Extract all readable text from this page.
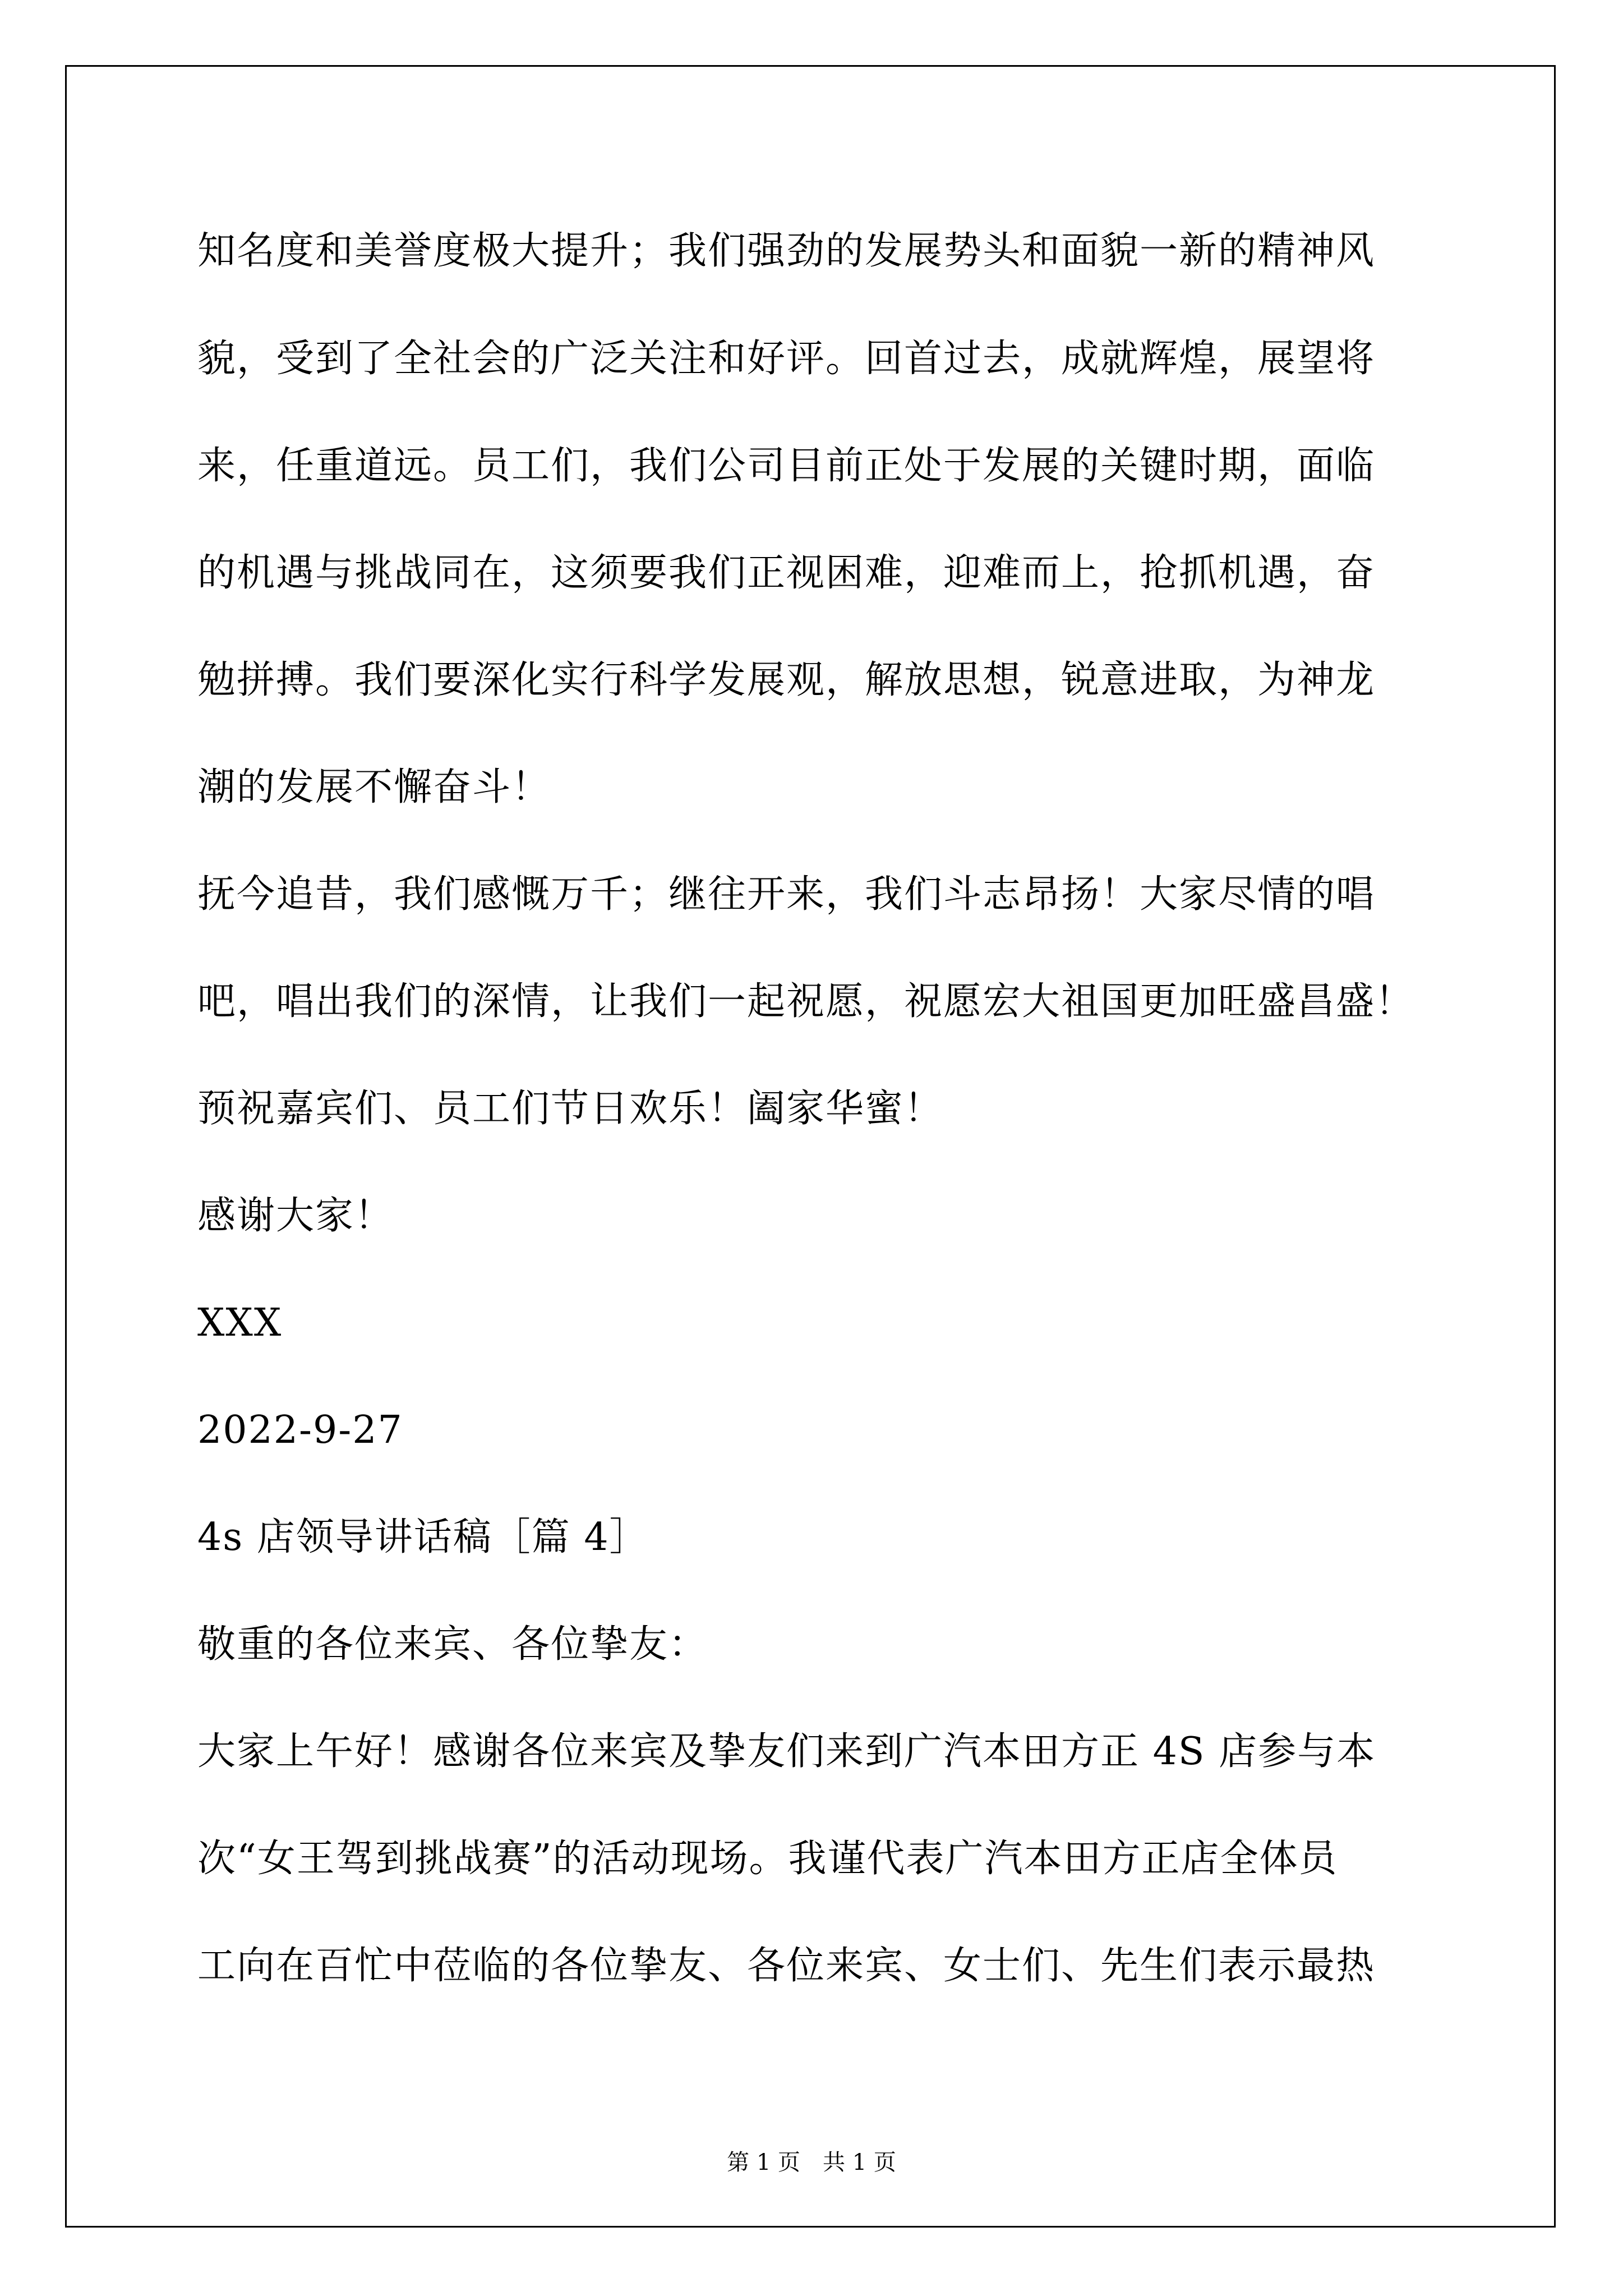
知名度和美誉度极大提升；我们强劲的发展势头和面貌一新的精神风
貌，受到了全社会的广泛关注和好评。回首过去，成就辉煌，展望将
来，任重道远。员工们，我们公司目前正处于发展的关键时期，面临
的机遇与挑战同在，这须要我们正视困难，迎难而上，抢抓机遇，奋
勉拼搏。我们要深化实行科学发展观，解放思想，锐意进取，为神龙
潮的发展不懈奋斗！
抚今追昔，我们感慨万千；继往开来，我们斗志昂扬！大家尽情的唱
吧，唱出我们的深情，让我们一起祝愿，祝愿宏大祖国更加旺盛昌盛！
预祝嘉宾们、员工们节日欢乐！阖家华蜜！
感谢大家！
XXX
2022-9-27
4s 店领导讲话稿［篇 4］
敬重的各位来宾、各位挚友：
大家上午好！感谢各位来宾及挚友们来到广汽本田方正 4S 店参与本
次“女王驾到挑战赛”的活动现场。我谨代表广汽本田方正店全体员
工向在百忙中莅临的各位挚友、各位来宾、女士们、先生们表示最热
第 1 页　共 1 页
